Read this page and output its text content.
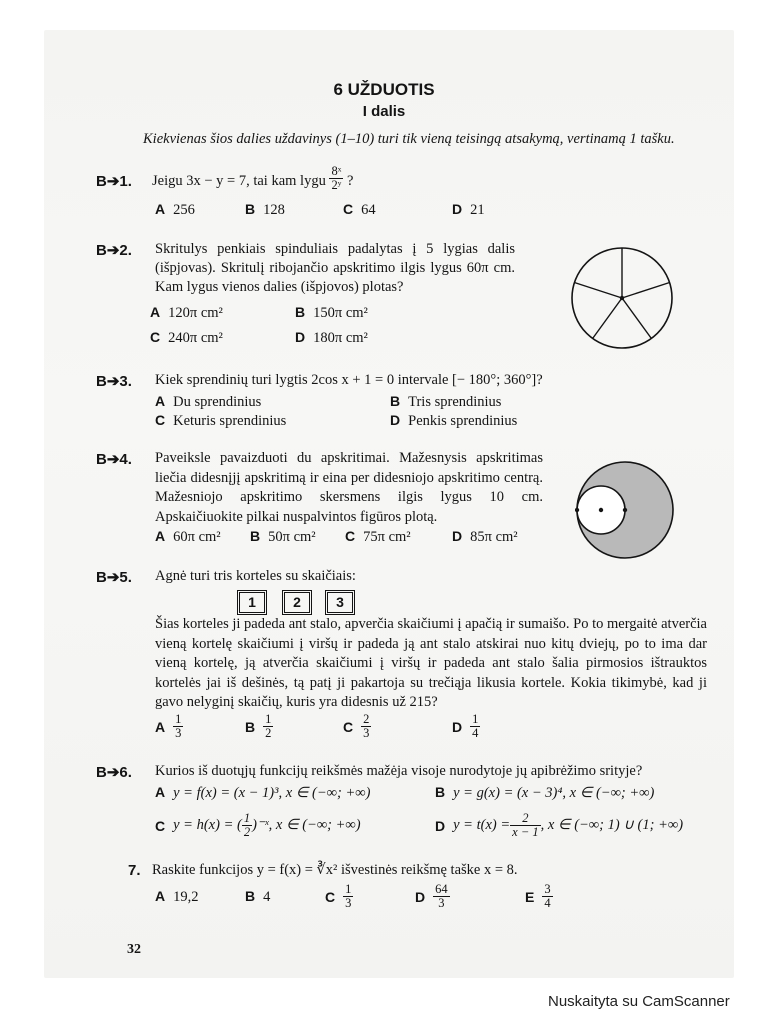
6 UŽDUOTIS
I dalis
Kiekvienas šios dalies uždavinys (1–10) turi tik vieną teisingą atsakymą, vertinamą 1 tašku.
B➔1. Jeigu 3x − y = 7, tai kam lygu $\frac{\text{8ˣ}}{\text{2ʸ}}$ ?
A 256	B 128	C 64	D 21
B➔2. Skritulys penkiais spinduliais padalytas į 5 lygias dalis (išpjovas). Skritulį ribojančio apskritimo ilgis lygus 60π cm. Kam lygus vienos dalies (išpjovos) plotas?
A 120π cm²	B 150π cm²
C 240π cm²	D 180π cm²
B➔3. Kiek sprendinių turi lygtis 2cos x + 1 = 0 intervale [− 180°; 360°]?
A Du sprendinius	B Tris sprendinius
C Keturis sprendinius	D Penkis sprendinius
B➔4. Paveiksle pavaizduoti du apskritimai. Mažesnysis apskritimas liečia didesnįjį apskritimą ir eina per didesniojo apskritimo centrą. Mažesniojo apskritimo skersmens ilgis lygus 10 cm. Apskaičiuokite pilkai nuspalvintos figūros plotą.
A 60π cm² B 50π cm² C 75π cm²	D 85π cm²
B➔5. Agnė turi tris korteles su skaičiais:
1	2	3
Šias korteles ji padeda ant stalo, apverčia skaičiumi į apačią ir sumaišo. Po to mergaitė atverčia vieną kortelę skaičiumi į viršų ir padeda ją ant stalo atskirai nuo kitų dviejų, po to ima dar vieną kortelę, ją atverčia skaičiumi į viršų ir padeda ant stalo šalia pirmosios ištrauktos kortelės jai iš dešinės, tą patį ji pakartoja su trečiąja likusia kortele. Kokia tikimybė, kad ji gavo nelyginį skaičių, kuris yra didesnis už 215?
A $\frac{1}{3}$	B $\frac{1}{2}$	C $\frac{2}{3}$	D $\frac{1}{4}$
B➔6. Kurios iš duotųjų funkcijų reikšmės mažėja visoje nurodytoje jų apibrėžimo srityje?
A y = f(x) = (x − 1)³, x ∈ (−∞; +∞)	B y = g(x) = (x − 3)⁴, x ∈ (−∞; +∞)
C y = h(x) = ( $\frac{1}{2}$ )⁻ˣ, x ∈ (−∞; +∞)	D $y = t(x) = \frac{2}{x - 1}$ , x ∈ (−∞; 1) ∪ (1; +∞)
7. Raskite funkcijos y = f(x) = ∛x² išvestinės reikšmę taške x = 8.
A 19,2	B 4	C $\frac{1}{3}$	D $\frac{64}{3}$	E $\frac{3}{4}$
32
Nuskaityta su CamScanner
